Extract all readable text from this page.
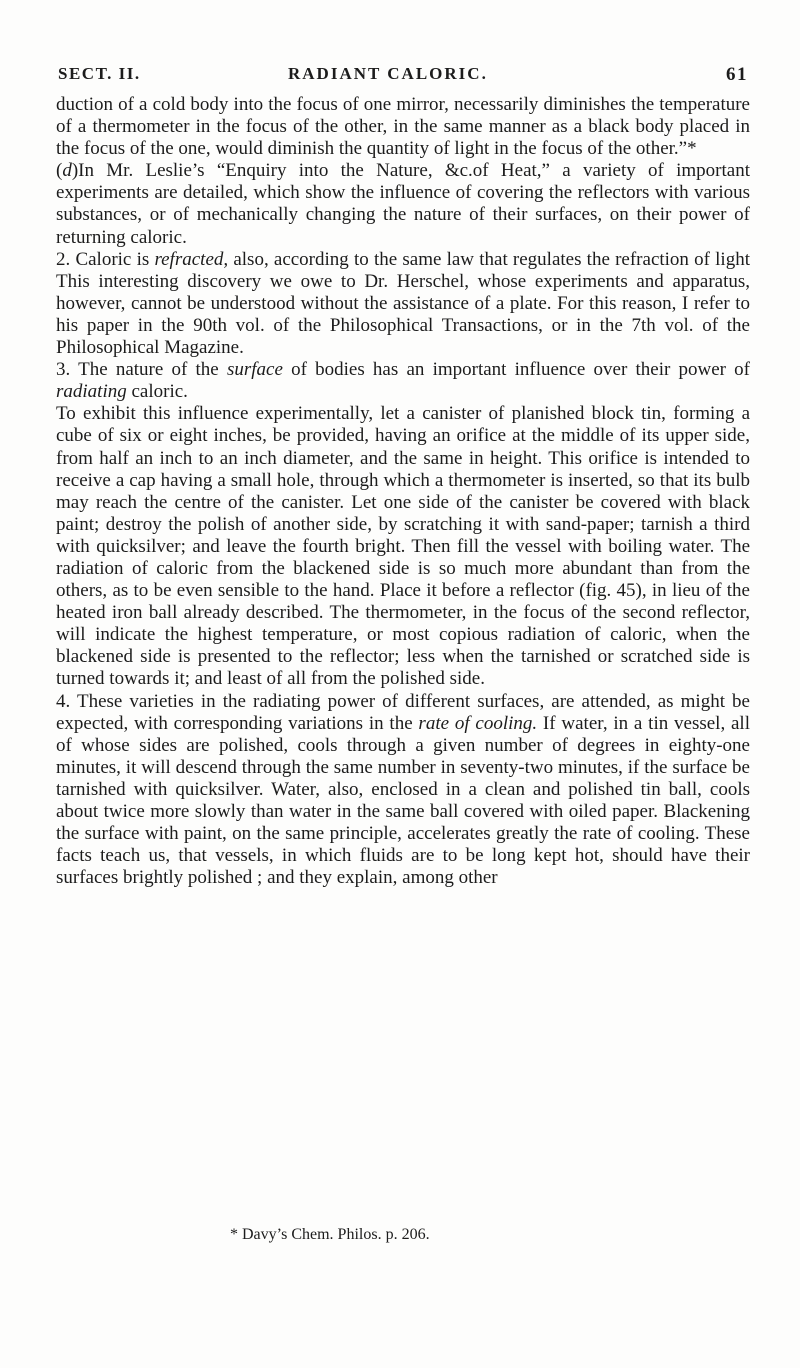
SECT. II.	RADIANT CALORIC.	61

duction of a cold body into the focus of one mirror, necessarily diminishes the temperature of a thermometer in the focus of the other, in the same manner as a black body placed in the focus of the one, would diminish the quantity of light in the focus of the other.”*

(d)In Mr. Leslie’s “Enquiry into the Nature, &c.of Heat,” a variety of important experiments are detailed, which show the influence of covering the reflectors with various substances, or of mechanically changing the nature of their surfaces, on their power of returning caloric.

2. Caloric is refracted, also, according to the same law that regulates the refraction of light This interesting discovery we owe to Dr. Herschel, whose experiments and apparatus, however, cannot be understood without the assistance of a plate. For this reason, I refer to his paper in the 90th vol. of the Philosophical Transactions, or in the 7th vol. of the Philosophical Magazine.

3. The nature of the surface of bodies has an important influence over their power of radiating caloric.

To exhibit this influence experimentally, let a canister of planished block tin, forming a cube of six or eight inches, be provided, having an orifice at the middle of its upper side, from half an inch to an inch diameter, and the same in height. This orifice is intended to receive a cap having a small hole, through which a thermometer is inserted, so that its bulb may reach the centre of the canister. Let one side of the canister be covered with black paint; destroy the polish of another side, by scratching it with sand-paper; tarnish a third with quicksilver; and leave the fourth bright. Then fill the vessel with boiling water. The radiation of caloric from the blackened side is so much more abundant than from the others, as to be even sensible to the hand. Place it before a reflector (fig. 45), in lieu of the heated iron ball already described. The thermometer, in the focus of the second reflector, will indicate the highest temperature, or most copious radiation of caloric, when the blackened side is presented to the reflector; less when the tarnished or scratched side is turned towards it; and least of all from the polished side.

4. These varieties in the radiating power of different surfaces, are attended, as might be expected, with corresponding variations in the rate of cooling. If water, in a tin vessel, all of whose sides are polished, cools through a given number of degrees in eighty-one minutes, it will descend through the same number in seventy-two minutes, if the surface be tarnished with quicksilver. Water, also, enclosed in a clean and polished tin ball, cools about twice more slowly than water in the same ball covered with oiled paper. Blackening the surface with paint, on the same principle, accelerates greatly the rate of cooling. These facts teach us, that vessels, in which fluids are to be long kept hot, should have their surfaces brightly polished ; and they explain, among other

* Davy’s Chem. Philos. p. 206.
